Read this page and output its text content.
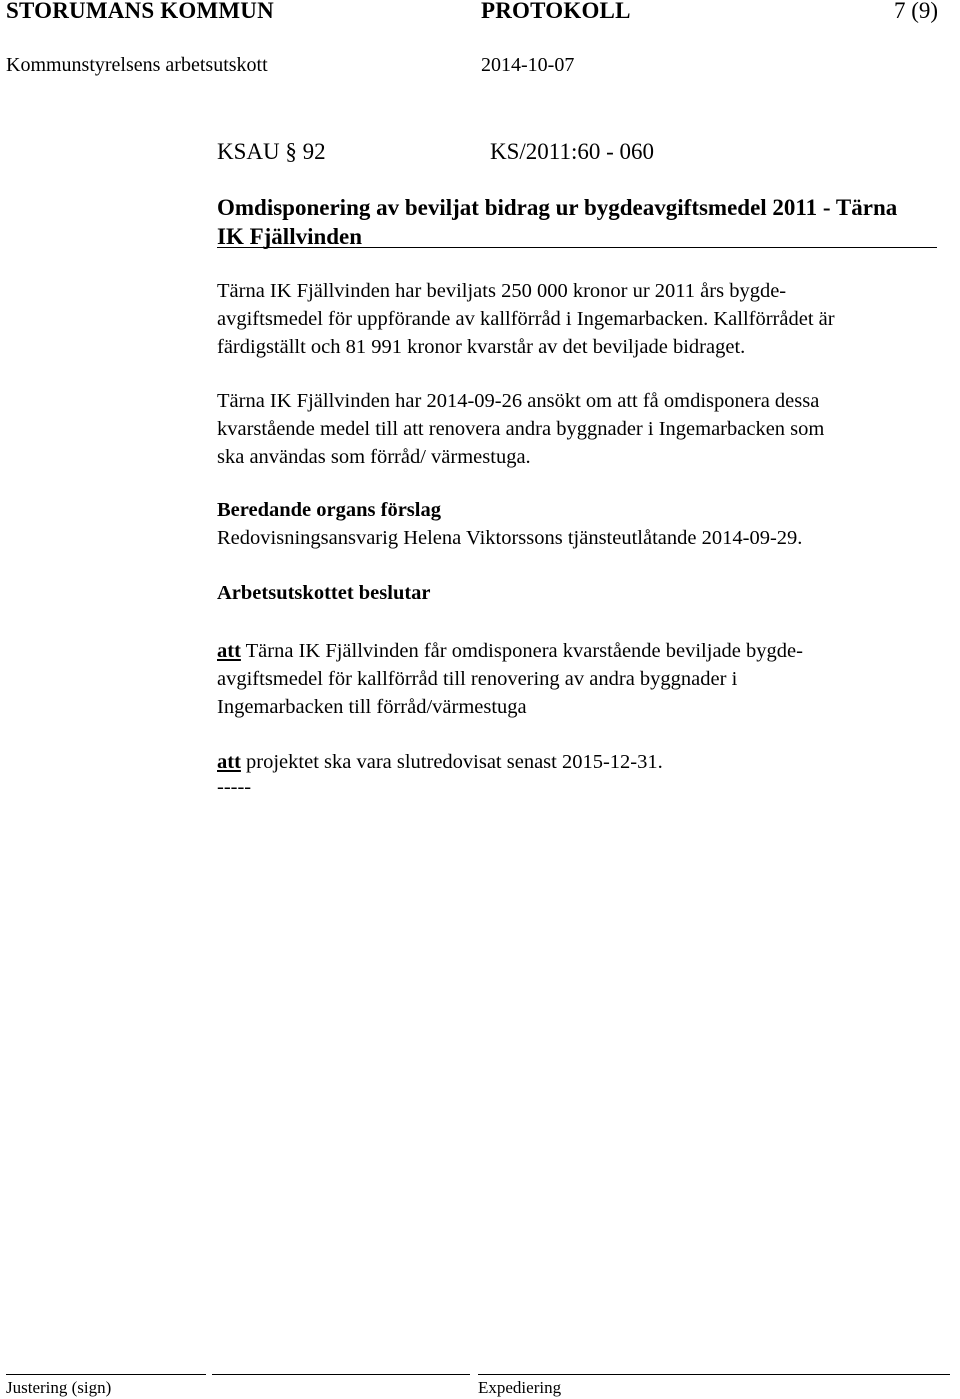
STORUMANS KOMMUN	PROTOKOLL	7 (9)
Kommunstyrelsens arbetsutskott	2014-10-07
KSAU § 92	KS/2011:60 - 060
Omdisponering av beviljat bidrag ur bygdeavgiftsmedel 2011 - Tärna
IK Fjällvinden
Tärna IK Fjällvinden har beviljats 250 000 kronor ur 2011 års bygde-
avgiftsmedel för uppförande av kallförråd i Ingemarbacken. Kallförrådet är
färdigställt och 81 991 kronor kvarstår av det beviljade bidraget.
Tärna IK Fjällvinden har 2014-09-26 ansökt om att få omdisponera dessa
kvarstående medel till att renovera andra byggnader i Ingemarbacken som
ska användas som förråd/ värmestuga.
Beredande organs förslag
Redovisningsansvarig Helena Viktorssons tjänsteutlåtande 2014-09-29.
Arbetsutskottet beslutar
att Tärna IK Fjällvinden får omdisponera kvarstående beviljade bygde-
avgiftsmedel för kallförråd till renovering av andra byggnader i
Ingemarbacken till förråd/värmestuga
att projektet ska vara slutredovisat senast 2015-12-31.
-----
Justering (sign)	Expediering
